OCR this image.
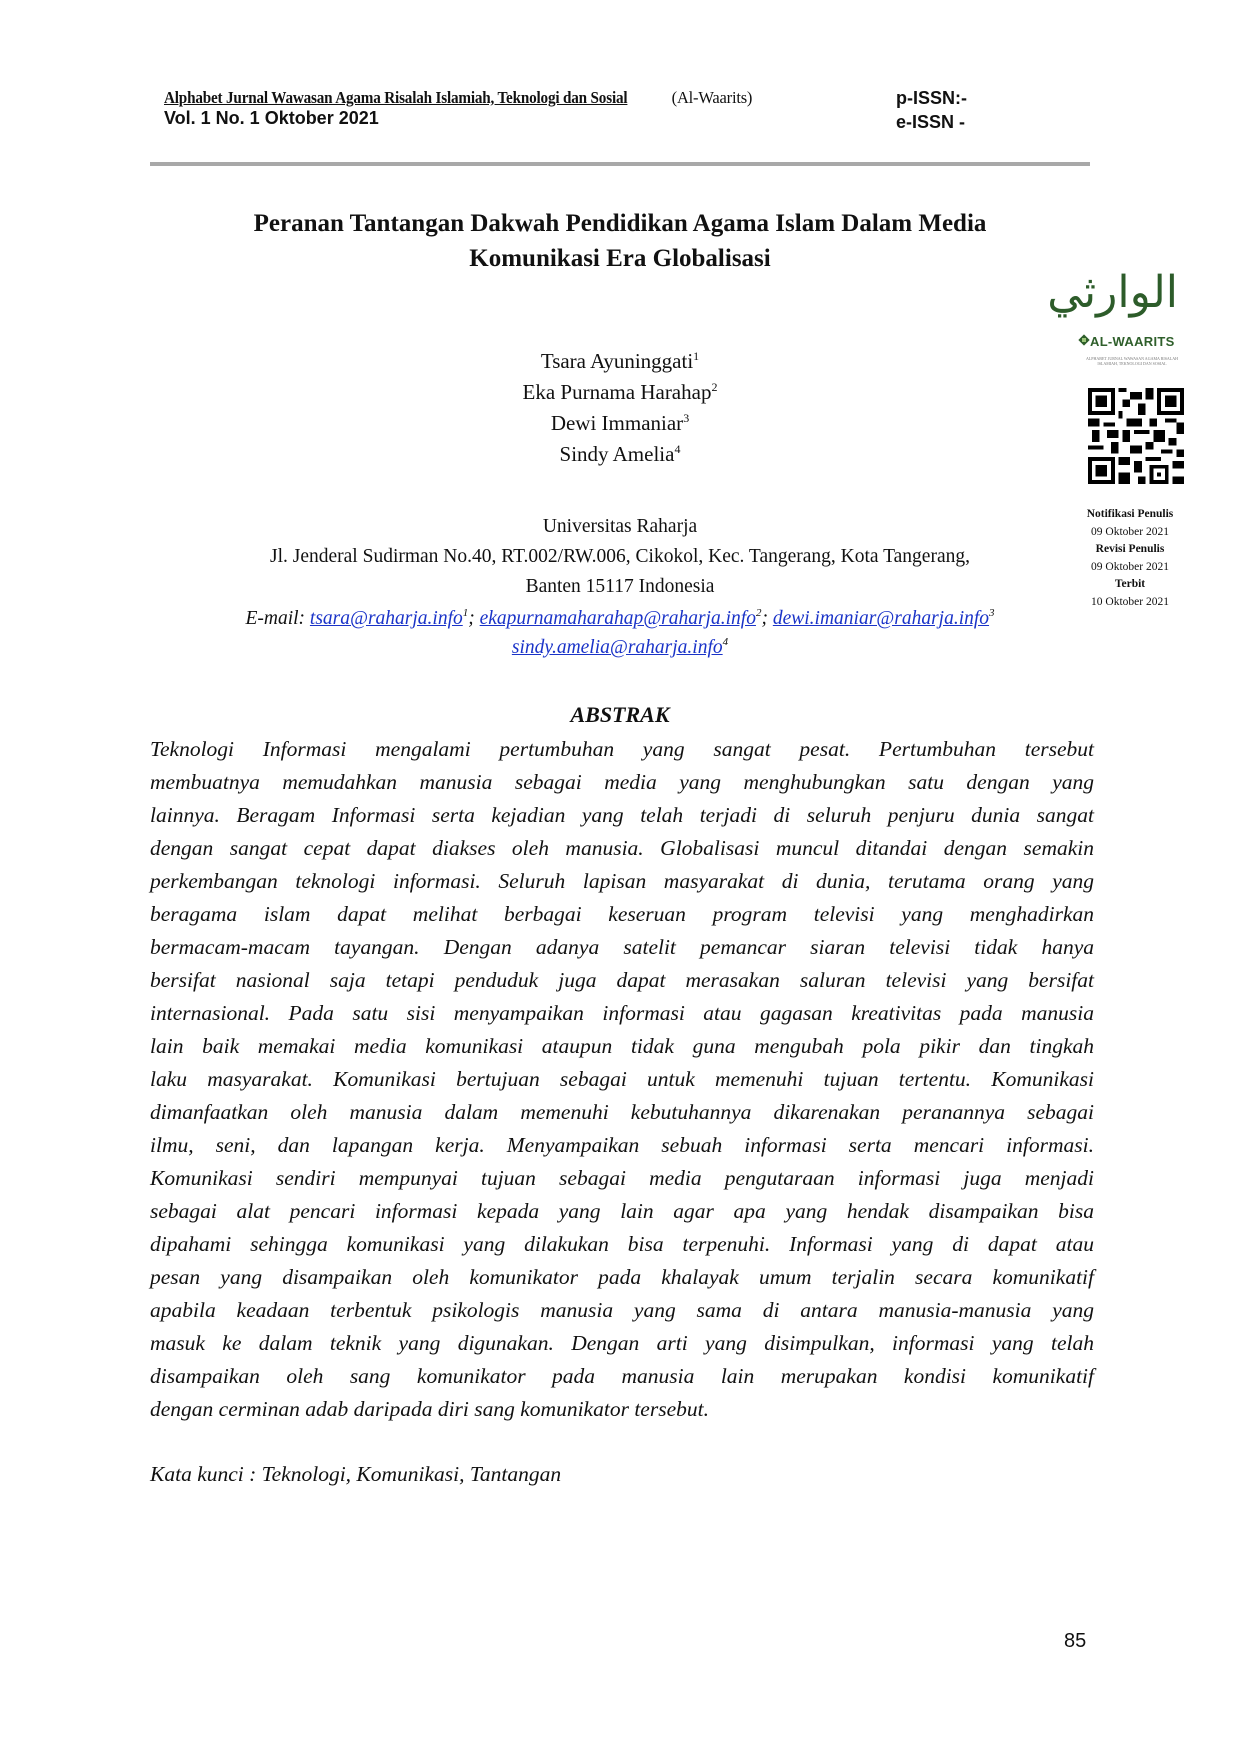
Alphabet Jurnal Wawasan Agama Risalah Islamiah, Teknologi dan Sosial	(Al-Waarits)
Vol. 1 No. 1 Oktober 2021
p-ISSN:-
e-ISSN -
Peranan Tantangan Dakwah Pendidikan Agama Islam Dalam Media
Komunikasi Era Globalisasi
Tsara Ayuninggati$^1$
Eka Purnama Harahap$^2$
Dewi Immaniar$^3$
Sindy Amelia$^4$
Universitas Raharja
Jl. Jenderal Sudirman No.40, RT.002/RW.006, Cikokol, Kec. Tangerang, Kota Tangerang,
Banten 15117 Indonesia
E-mail: tsara@raharja.info$^1$; ekapurnamaharahap@raharja.info$^2$; dewi.imaniar@raharja.info$^3$
sindy.amelia@raharja.info$^4$
الوارثي
AL-WAARITS
ALPHABET JURNAL WAWASAN AGAMA RISALAH ISLAMIAH, TEKNOLOGI DAN SOSIAL
Notifikasi Penulis
09 Oktober 2021
Revisi Penulis
09 Oktober 2021
Terbit
10 Oktober 2021
ABSTRAK
Teknologi Informasi mengalami pertumbuhan yang sangat pesat. Pertumbuhan tersebut
membuatnya memudahkan manusia sebagai media yang menghubungkan satu dengan yang
lainnya. Beragam Informasi serta kejadian yang telah terjadi di seluruh penjuru dunia sangat
dengan sangat cepat dapat diakses oleh manusia. Globalisasi muncul ditandai dengan semakin
perkembangan teknologi informasi. Seluruh lapisan masyarakat di dunia, terutama orang yang
beragama islam dapat melihat berbagai keseruan program televisi yang menghadirkan
bermacam-macam tayangan. Dengan adanya satelit pemancar siaran televisi tidak hanya
bersifat nasional saja tetapi penduduk juga dapat merasakan saluran televisi yang bersifat
internasional. Pada satu sisi menyampaikan informasi atau gagasan kreativitas pada manusia
lain baik memakai media komunikasi ataupun tidak guna mengubah pola pikir dan tingkah
laku masyarakat. Komunikasi bertujuan sebagai untuk memenuhi tujuan tertentu. Komunikasi
dimanfaatkan oleh manusia dalam memenuhi kebutuhannya dikarenakan peranannya sebagai
ilmu, seni, dan lapangan kerja. Menyampaikan sebuah informasi serta mencari informasi.
Komunikasi sendiri mempunyai tujuan sebagai media pengutaraan informasi juga menjadi
sebagai alat pencari informasi kepada yang lain agar apa yang hendak disampaikan bisa
dipahami sehingga komunikasi yang dilakukan bisa terpenuhi. Informasi yang di dapat atau
pesan yang disampaikan oleh komunikator pada khalayak umum terjalin secara komunikatif
apabila keadaan terbentuk psikologis manusia yang sama di antara manusia-manusia yang
masuk ke dalam teknik yang digunakan. Dengan arti yang disimpulkan, informasi yang telah
disampaikan oleh sang komunikator pada manusia lain merupakan kondisi komunikatif
dengan cerminan adab daripada diri sang komunikator tersebut.
Kata kunci : Teknologi, Komunikasi, Tantangan
85
